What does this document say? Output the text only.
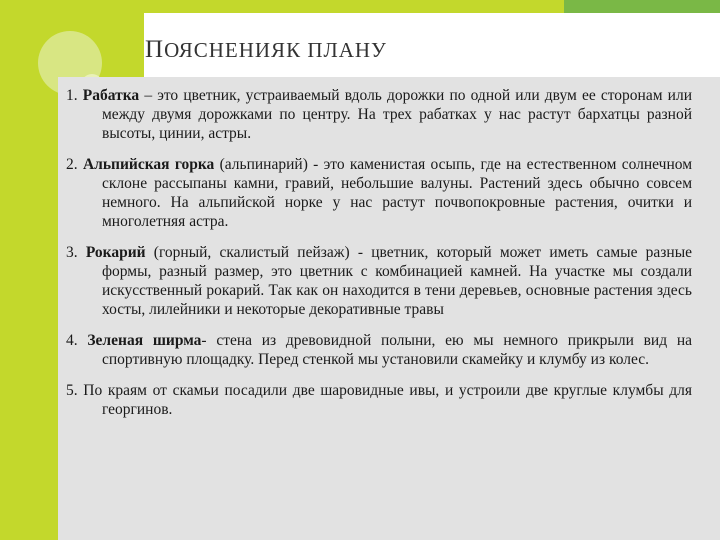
ПОЯСНЕНИЯК ПЛАНУ

1. Рабатка – это цветник, устраиваемый вдоль дорожки по одной или двум ее сторонам или между двумя дорожками по центру. На трех рабатках у нас растут бархатцы разной высоты, цинии, астры.

2. Альпийская горка (альпинарий) - это каменистая осыпь, где на естественном солнечном склоне рассыпаны камни, гравий, небольшие валуны. Растений здесь обычно совсем немного. На альпийской норке у нас растут почвопокровные растения, очитки и многолетняя астра.

3. Рокарий (горный, скалистый пейзаж) - цветник, который может иметь самые разные формы, разный размер, это цветник с комбинацией камней. На участке мы создали искусственный рокарий. Так как он находится в тени деревьев, основные растения здесь хосты, лилейники и некоторые декоративные травы

4. Зеленая ширма- стена из древовидной полыни, ею мы немного прикрыли вид на спортивную площадку. Перед стенкой мы установили скамейку и клумбу из колес.

5. По краям от скамьи посадили две шаровидные ивы, и устроили две круглые клумбы для георгинов.
